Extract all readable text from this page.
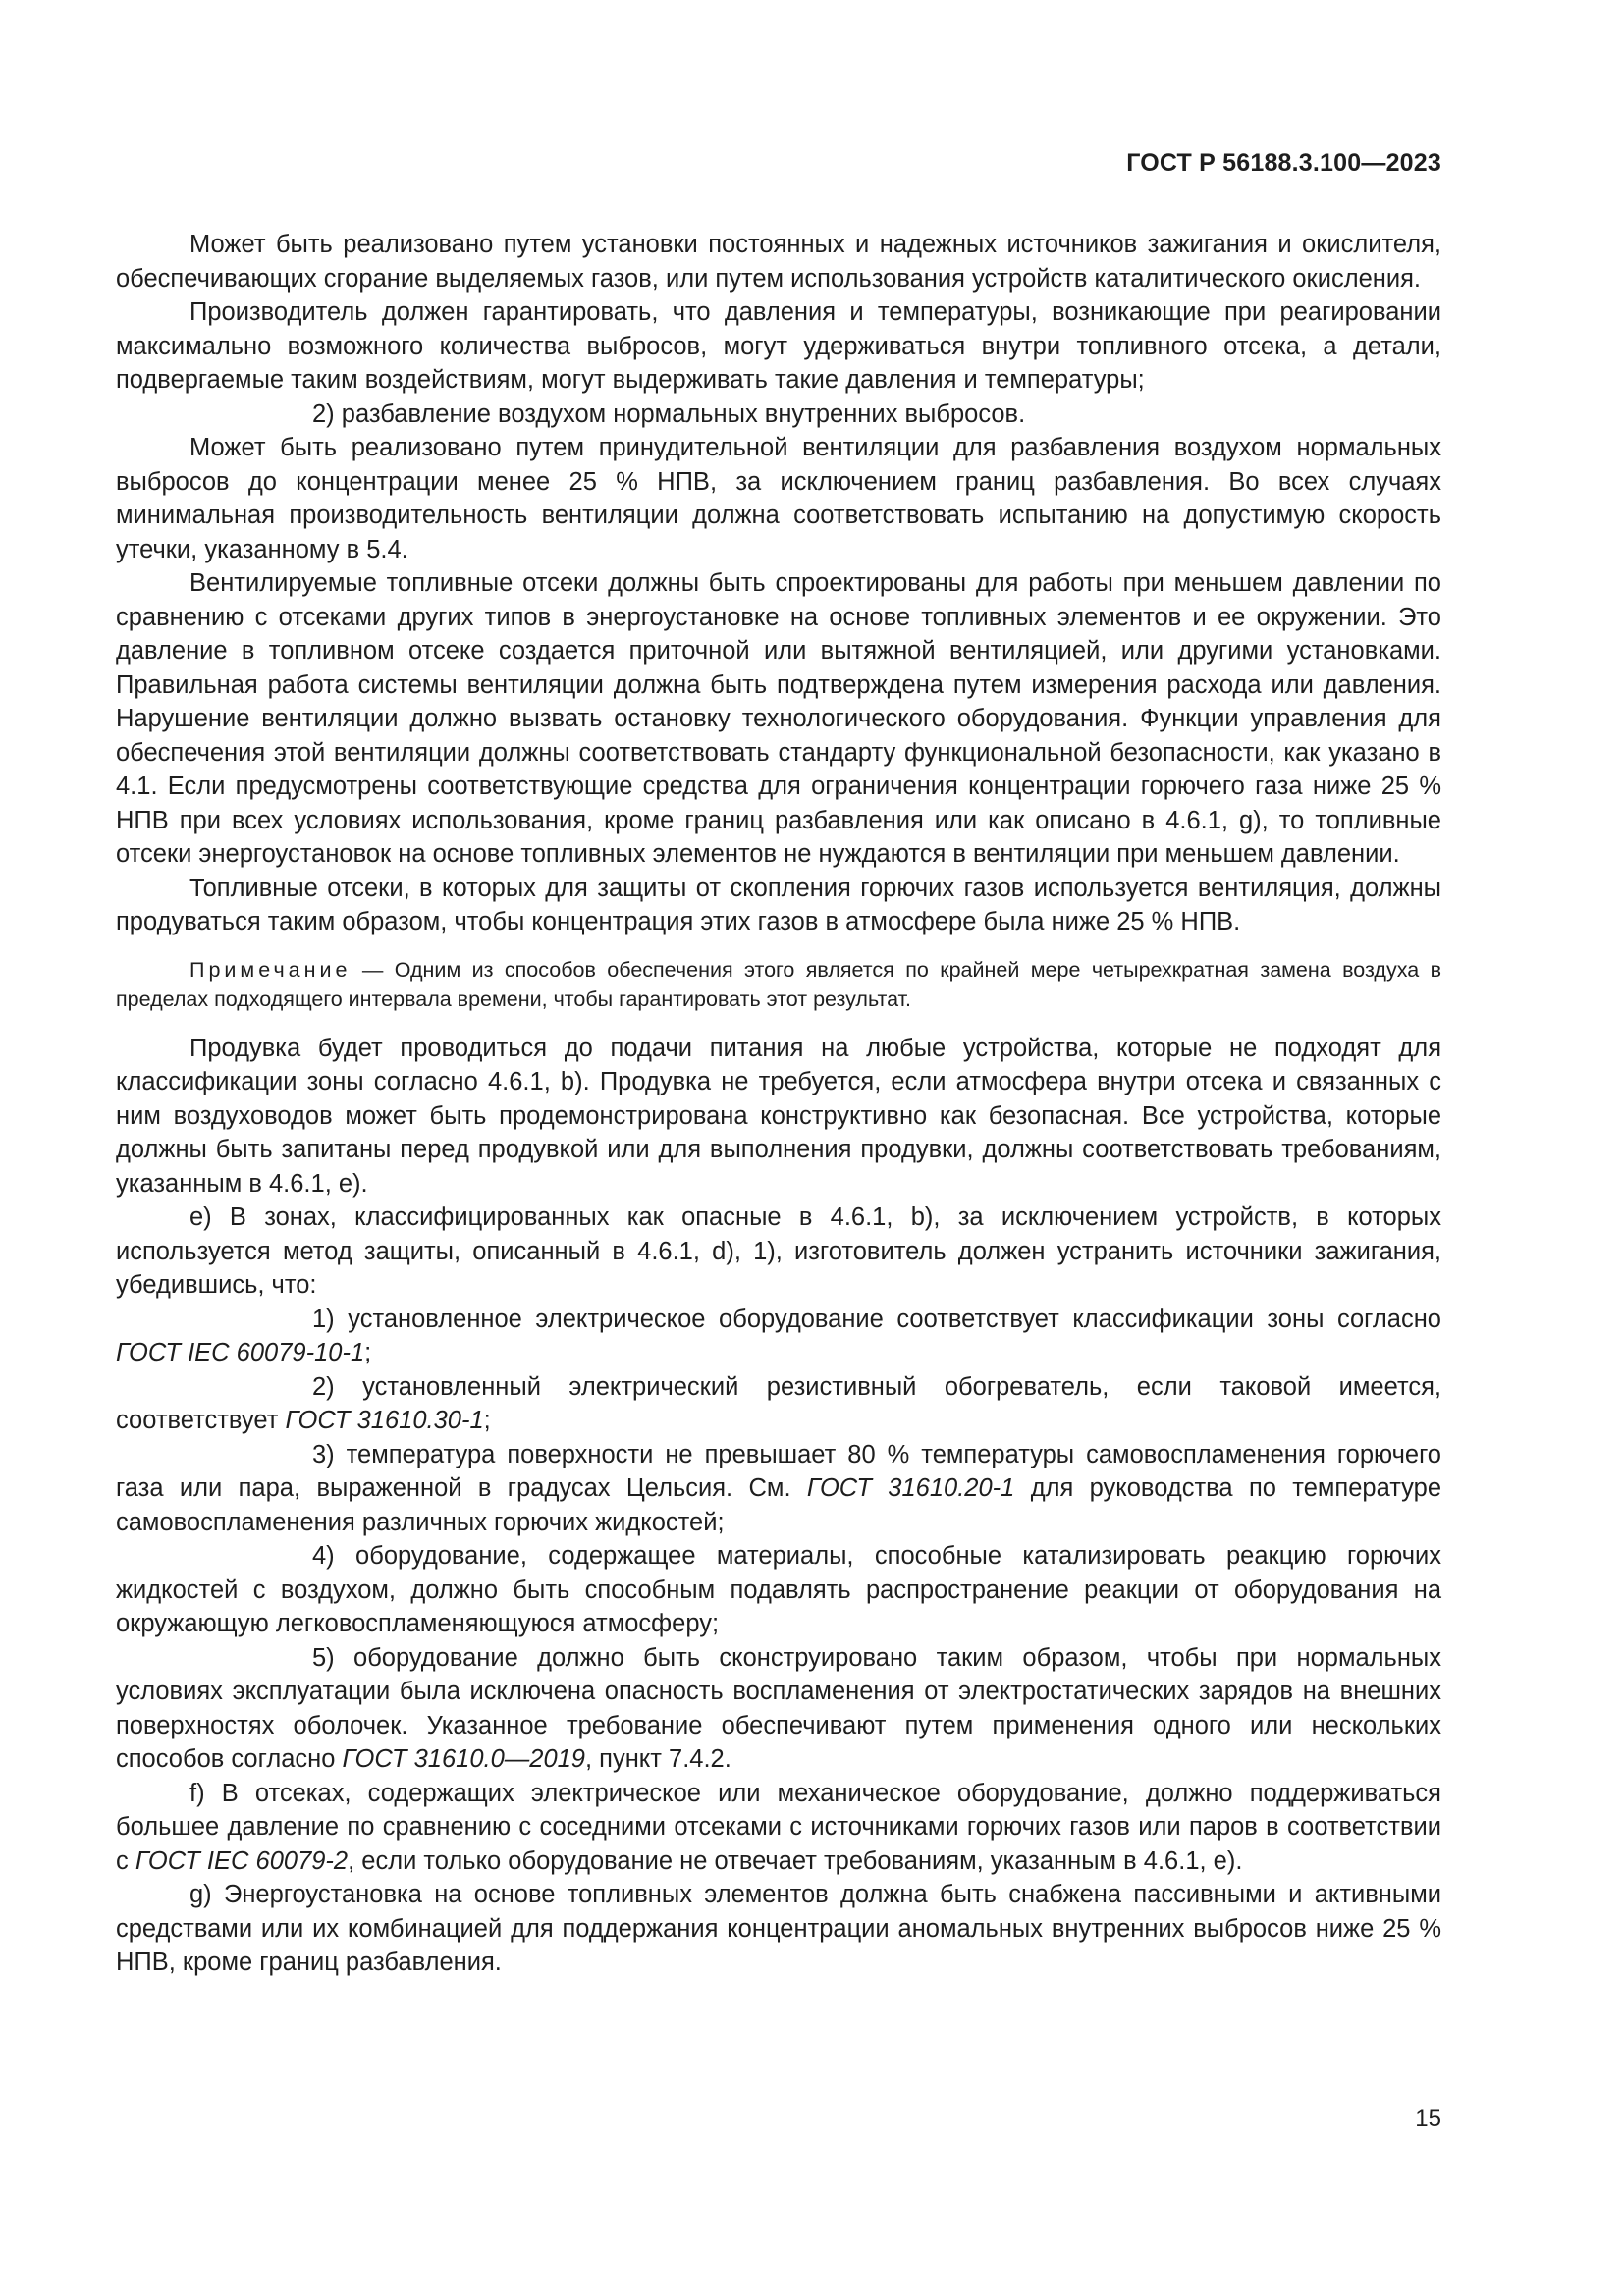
ГОСТ Р 56188.3.100—2023

Может быть реализовано путем установки постоянных и надежных источников зажигания и окислителя, обеспечивающих сгорание выделяемых газов, или путем использования устройств каталитического окисления.

Производитель должен гарантировать, что давления и температуры, возникающие при реагировании максимально возможного количества выбросов, могут удерживаться внутри топливного отсека, а детали, подвергаемые таким воздействиям, могут выдерживать такие давления и температуры;

2) разбавление воздухом нормальных внутренних выбросов.

Может быть реализовано путем принудительной вентиляции для разбавления воздухом нормальных выбросов до концентрации менее 25 % НПВ, за исключением границ разбавления. Во всех случаях минимальная производительность вентиляции должна соответствовать испытанию на допустимую скорость утечки, указанному в 5.4.

Вентилируемые топливные отсеки должны быть спроектированы для работы при меньшем давлении по сравнению с отсеками других типов в энергоустановке на основе топливных элементов и ее окружении. Это давление в топливном отсеке создается приточной или вытяжной вентиляцией, или другими установками. Правильная работа системы вентиляции должна быть подтверждена путем измерения расхода или давления. Нарушение вентиляции должно вызвать остановку технологического оборудования. Функции управления для обеспечения этой вентиляции должны соответствовать стандарту функциональной безопасности, как указано в 4.1. Если предусмотрены соответствующие средства для ограничения концентрации горючего газа ниже 25 % НПВ при всех условиях использования, кроме границ разбавления или как описано в 4.6.1, g), то топливные отсеки энергоустановок на основе топливных элементов не нуждаются в вентиляции при меньшем давлении.

Топливные отсеки, в которых для защиты от скопления горючих газов используется вентиляция, должны продуваться таким образом, чтобы концентрация этих газов в атмосфере была ниже 25 % НПВ.

Примечание — Одним из способов обеспечения этого является по крайней мере четырехкратная замена воздуха в пределах подходящего интервала времени, чтобы гарантировать этот результат.

Продувка будет проводиться до подачи питания на любые устройства, которые не подходят для классификации зоны согласно 4.6.1, b). Продувка не требуется, если атмосфера внутри отсека и связанных с ним воздуховодов может быть продемонстрирована конструктивно как безопасная. Все устройства, которые должны быть запитаны перед продувкой или для выполнения продувки, должны соответствовать требованиям, указанным в 4.6.1, е).

е) В зонах, классифицированных как опасные в 4.6.1, b), за исключением устройств, в которых используется метод защиты, описанный в 4.6.1, d), 1), изготовитель должен устранить источники зажигания, убедившись, что:

1) установленное электрическое оборудование соответствует классификации зоны согласно ГОСТ IEC 60079-10-1;

2) установленный электрический резистивный обогреватель, если таковой имеется, соответствует ГОСТ 31610.30-1;

3) температура поверхности не превышает 80 % температуры самовоспламенения горючего газа или пара, выраженной в градусах Цельсия. См. ГОСТ 31610.20-1 для руководства по температуре самовоспламенения различных горючих жидкостей;

4) оборудование, содержащее материалы, способные катализировать реакцию горючих жидкостей с воздухом, должно быть способным подавлять распространение реакции от оборудования на окружающую легковоспламеняющуюся атмосферу;

5) оборудование должно быть сконструировано таким образом, чтобы при нормальных условиях эксплуатации была исключена опасность воспламенения от электростатических зарядов на внешних поверхностях оболочек. Указанное требование обеспечивают путем применения одного или нескольких способов согласно ГОСТ 31610.0—2019, пункт 7.4.2.

f) В отсеках, содержащих электрическое или механическое оборудование, должно поддерживаться большее давление по сравнению с соседними отсеками с источниками горючих газов или паров в соответствии с ГОСТ IEC 60079-2, если только оборудование не отвечает требованиям, указанным в 4.6.1, е).

g) Энергоустановка на основе топливных элементов должна быть снабжена пассивными и активными средствами или их комбинацией для поддержания концентрации аномальных внутренних выбросов ниже 25 % НПВ, кроме границ разбавления.

15
